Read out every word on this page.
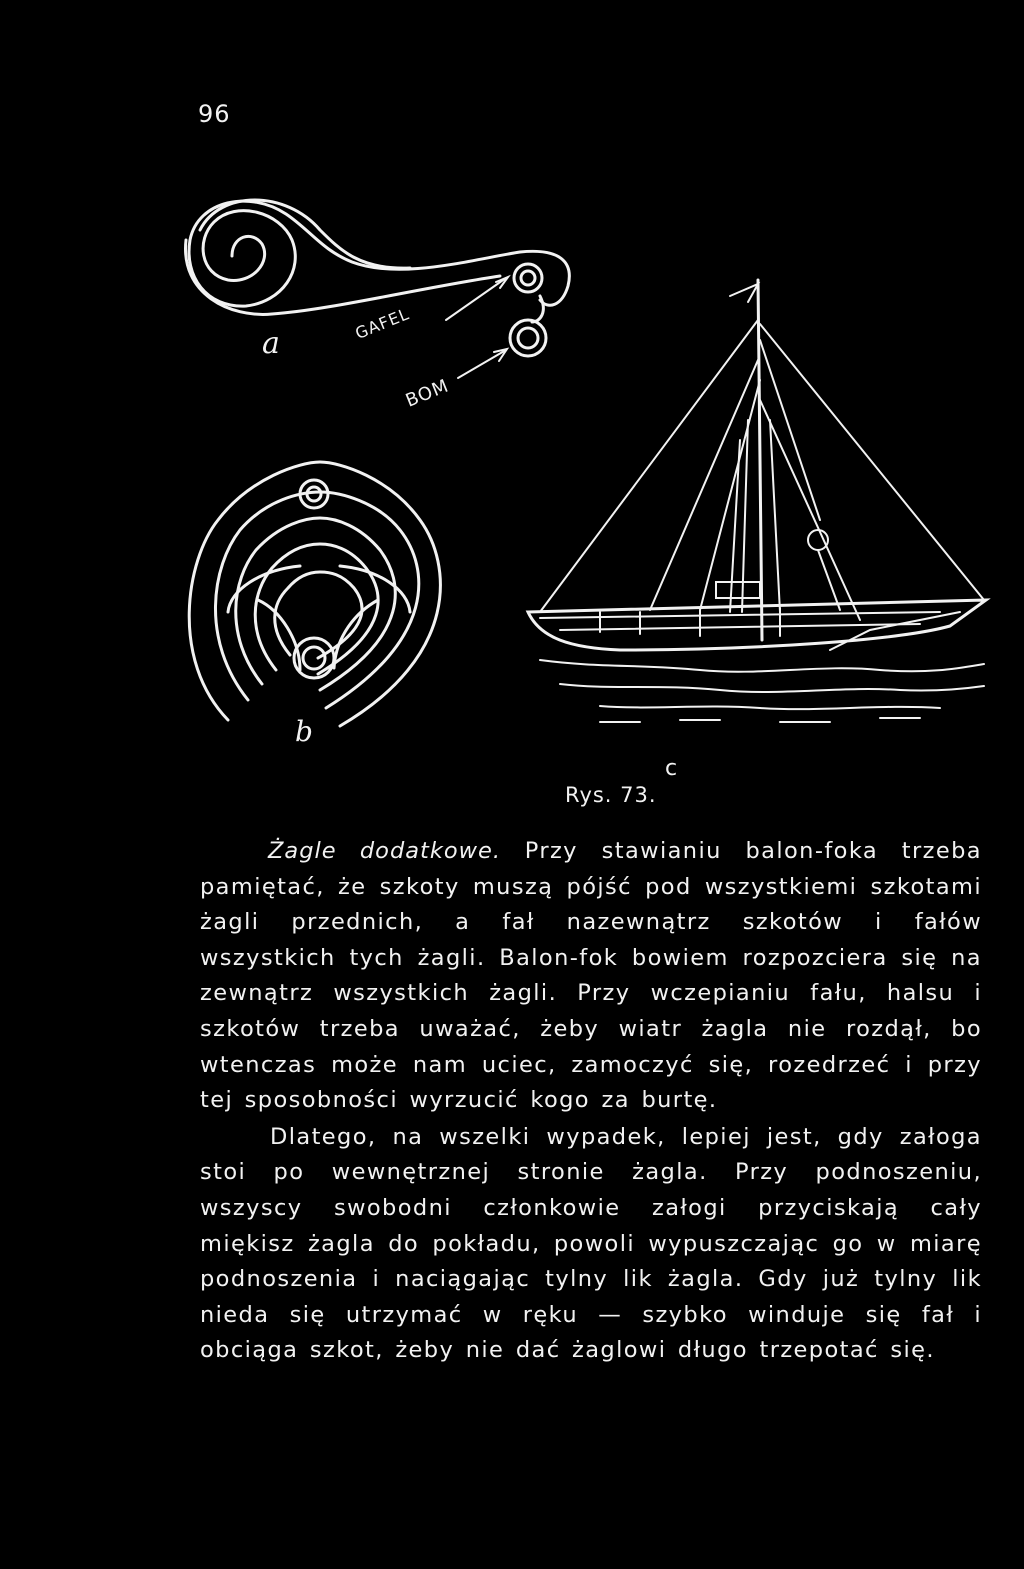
96
a
b
c
GAFEL
BOM
Rys. 73.

Żagle dodatkowe. Przy stawianiu balon-foka trzeba pamiętać, że szkoty muszą pójść pod wszystkiemi szkotami żagli przednich, a fał nazewnątrz szkotów i fałów wszystkich tych żagli. Balon-fok bowiem rozpozciera się na zewnątrz wszystkich żagli. Przy wczepianiu fału, halsu i szkotów trzeba uważać, żeby wiatr żagla nie rozdął, bo wtenczas może nam uciec, zamoczyć się, rozedrzeć i przy tej sposobności wyrzucić kogo za burtę.

Dlatego, na wszelki wypadek, lepiej jest, gdy załoga stoi po wewnętrznej stronie żagla. Przy podnoszeniu, wszyscy swobodni członkowie załogi przyciskają cały miękisz żagla do pokładu, powoli wypuszczając go w miarę podnoszenia i naciągając tylny lik żagla. Gdy już tylny lik nieda się utrzymać w ręku — szybko winduje się fał i obciąga szkot, żeby nie dać żaglowi długo trzepotać się.
